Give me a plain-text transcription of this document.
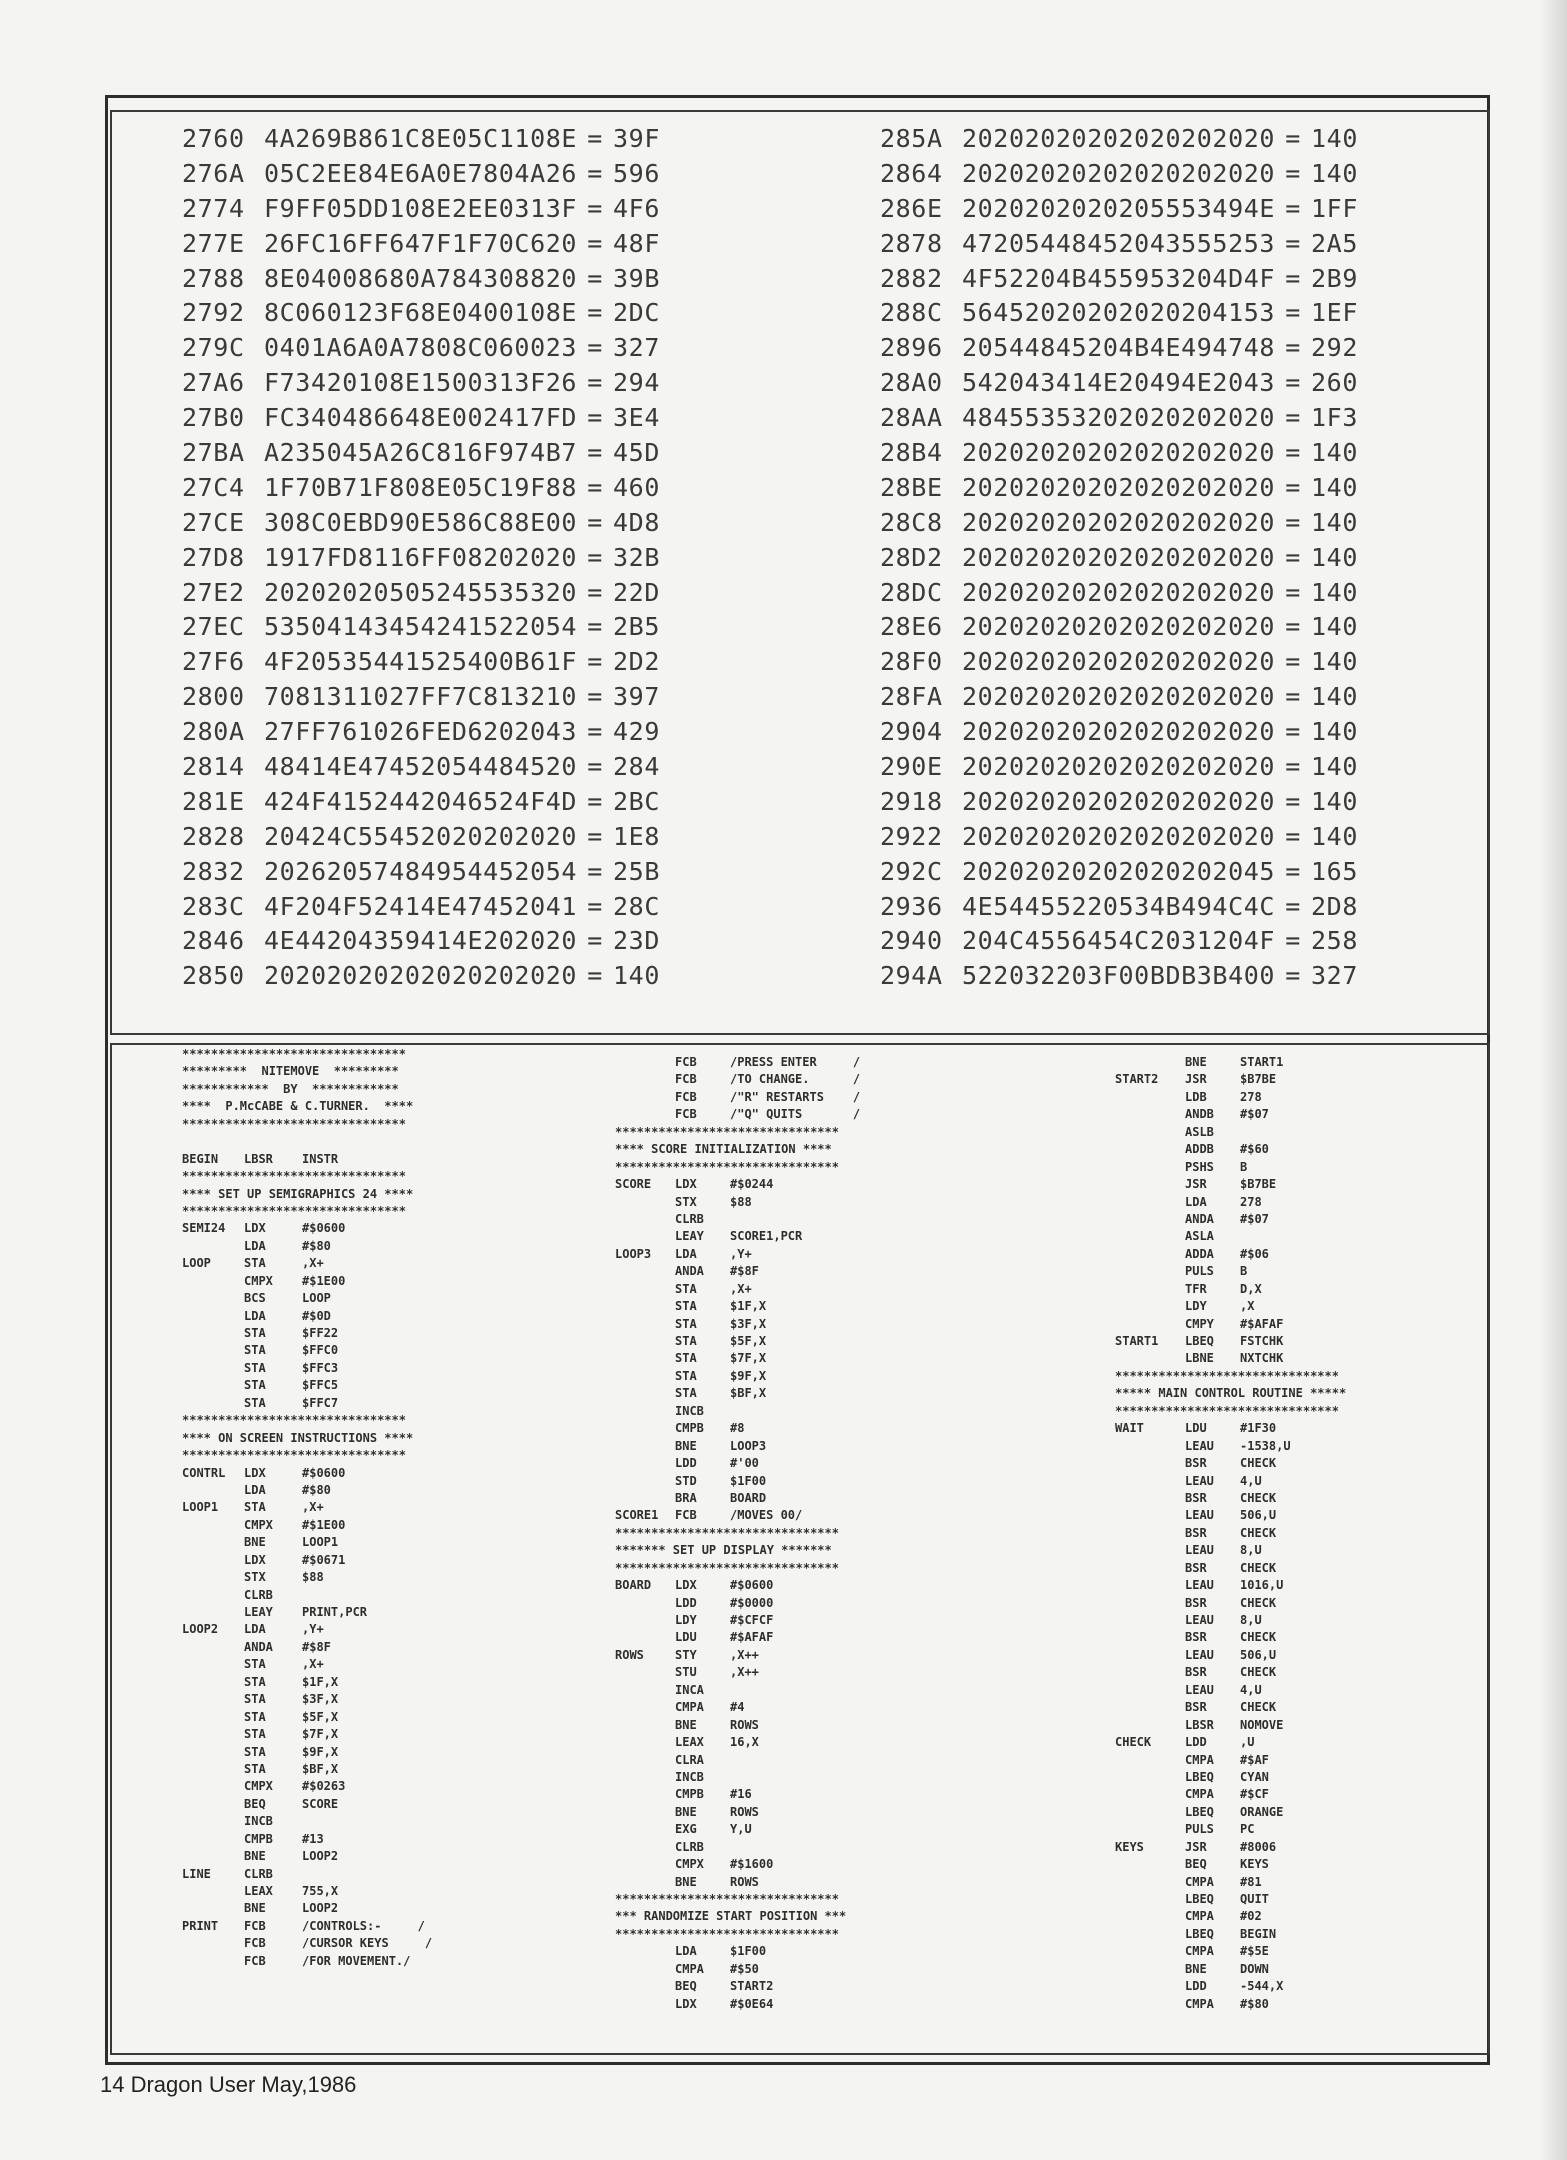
2760 4A269B861C8E05C1108E = 39F
276A 05C2EE84E6A0E7804A26 = 596
2774 F9FF05DD108E2EE0313F = 4F6
277E 26FC16FF647F1F70C620 = 48F
2788 8E04008680A784308820 = 39B
2792 8C060123F68E0400108E = 2DC
279C 0401A6A0A7808C060023 = 327
27A6 F73420108E1500313F26 = 294
27B0 FC340486648E002417FD = 3E4
27BA A235045A26C816F974B7 = 45D
27C4 1F70B71F808E05C19F88 = 460
27CE 308C0EBD90E586C88E00 = 4D8
27D8 1917FD8116FF08202020 = 32B
27E2 20202020505245535320 = 22D
27EC 53504143454241522054 = 2B5
27F6 4F20535441525400B61F = 2D2
2800 7081311027FF7C813210 = 397
280A 27FF761026FED6202043 = 429
2814 48414E47452054484520 = 284
281E 424F4152442046524F4D = 2BC
2828 20424C55452020202020 = 1E8
2832 20262057484954452054 = 25B
283C 4F204F52414E47452041 = 28C
2846 4E44204359414E202020 = 23D
2850 20202020202020202020 = 140
285A 20202020202020202020 = 140
2864 20202020202020202020 = 140
286E 2020202020205553494E = 1FF
2878 47205448452043555253 = 2A5
2882 4F52204B455953204D4F = 2B9
288C 56452020202020204153 = 1EF
2896 20544845204B4E494748 = 292
28A0 542043414E20494E2043 = 260
28AA 48455353202020202020 = 1F3
28B4 20202020202020202020 = 140
28BE 20202020202020202020 = 140
28C8 20202020202020202020 = 140
28D2 20202020202020202020 = 140
28DC 20202020202020202020 = 140
28E6 20202020202020202020 = 140
28F0 20202020202020202020 = 140
28FA 20202020202020202020 = 140
2904 20202020202020202020 = 140
290E 20202020202020202020 = 140
2918 20202020202020202020 = 140
2922 20202020202020202020 = 140
292C 20202020202020202045 = 165
2936 4E54455220534B494C4C = 2D8
2940 204C4556454C2031204F = 258
294A 522032203F00BDB3B400 = 327
*******************************
*********  NITEMOVE  *********
************  BY  ************
****  P.McCABE & C.TURNER.  ****
*******************************
BEGIN LBSR INSTR
*******************************
**** SET UP SEMIGRAPHICS 24 ****
*******************************
SEMI24 LDX	#$0600
LDA	#$80
LOOP	STA	,X+
CMPX #$1E00
BCS	LOOP
LDA	#$0D
STA	$FF22
STA	$FFC0
STA	$FFC3
STA	$FFC5
STA	$FFC7
*******************************
**** ON SCREEN INSTRUCTIONS ****
*******************************
CONTRL LDX	#$0600
LDA	#$80
LOOP1 STA	,X+
CMPX #$1E00
BNE	LOOP1
LDX	#$0671
STX	$88
CLRB
LEAY PRINT,PCR
LOOP2 LDA	,Y+
ANDA #$8F
STA	,X+
STA	$1F,X
STA	$3F,X
STA	$5F,X
STA	$7F,X
STA	$9F,X
STA	$BF,X
CMPX #$0263
BEQ	SCORE
INCB
CMPB #13
BNE	LOOP2
LINE	CLRB
LEAX 755,X
BNE	LOOP2
PRINT FCB	/CONTROLS:-     /
FCB	/CURSOR KEYS     /
FCB	/FOR MOVEMENT./
FCB	/PRESS ENTER     /
FCB	/TO CHANGE.      /
FCB	/"R" RESTARTS    /
FCB	/"Q" QUITS       /
*******************************
**** SCORE INITIALIZATION ****
*******************************
SCORE LDX	#$0244
STX	$88
CLRB
LEAY SCORE1,PCR
LOOP3 LDA	,Y+
ANDA #$8F
STA	,X+
STA	$1F,X
STA	$3F,X
STA	$5F,X
STA	$7F,X
STA	$9F,X
STA	$BF,X
INCB
CMPB #8
BNE	LOOP3
LDD	#'00
STD	$1F00
BRA	BOARD
SCORE1 FCB	/MOVES 00/
*******************************
******* SET UP DISPLAY *******
*******************************
BOARD LDX	#$0600
LDD	#$0000
LDY	#$CFCF
LDU	#$AFAF
ROWS	STY	,X++
STU	,X++
INCA
CMPA #4
BNE	ROWS
LEAX 16,X
CLRA
INCB
CMPB #16
BNE	ROWS
EXG	Y,U
CLRB
CMPX #$1600
BNE	ROWS
*******************************
*** RANDOMIZE START POSITION ***
*******************************
LDA	$1F00
CMPA #$50
BEQ	START2
LDX	#$0E64
BNE	START1
START2 JSR	$B7BE
LDB	278
ANDB #$07
ASLB
ADDB #$60
PSHS B
JSR	$B7BE
LDA	278
ANDA #$07
ASLA
ADDA #$06
PULS B
TFR	D,X
LDY	,X
CMPY #$AFAF
START1 LBEQ FSTCHK
LBNE NXTCHK
*******************************
***** MAIN CONTROL ROUTINE *****
*******************************
WAIT	LDU	#1F30
LEAU -1538,U
BSR	CHECK
LEAU 4,U
BSR	CHECK
LEAU 506,U
BSR	CHECK
LEAU 8,U
BSR	CHECK
LEAU 1016,U
BSR	CHECK
LEAU 8,U
BSR	CHECK
LEAU 506,U
BSR	CHECK
LEAU 4,U
BSR	CHECK
LBSR NOMOVE
CHECK	LDD	,U
CMPA #$AF
LBEQ CYAN
CMPA #$CF
LBEQ ORANGE
PULS PC
KEYS	JSR	#8006
BEQ	KEYS
CMPA #81
LBEQ QUIT
CMPA #02
LBEQ BEGIN
CMPA #$5E
BNE	DOWN
LDD	-544,X
CMPA #$80
14 Dragon User May,1986
